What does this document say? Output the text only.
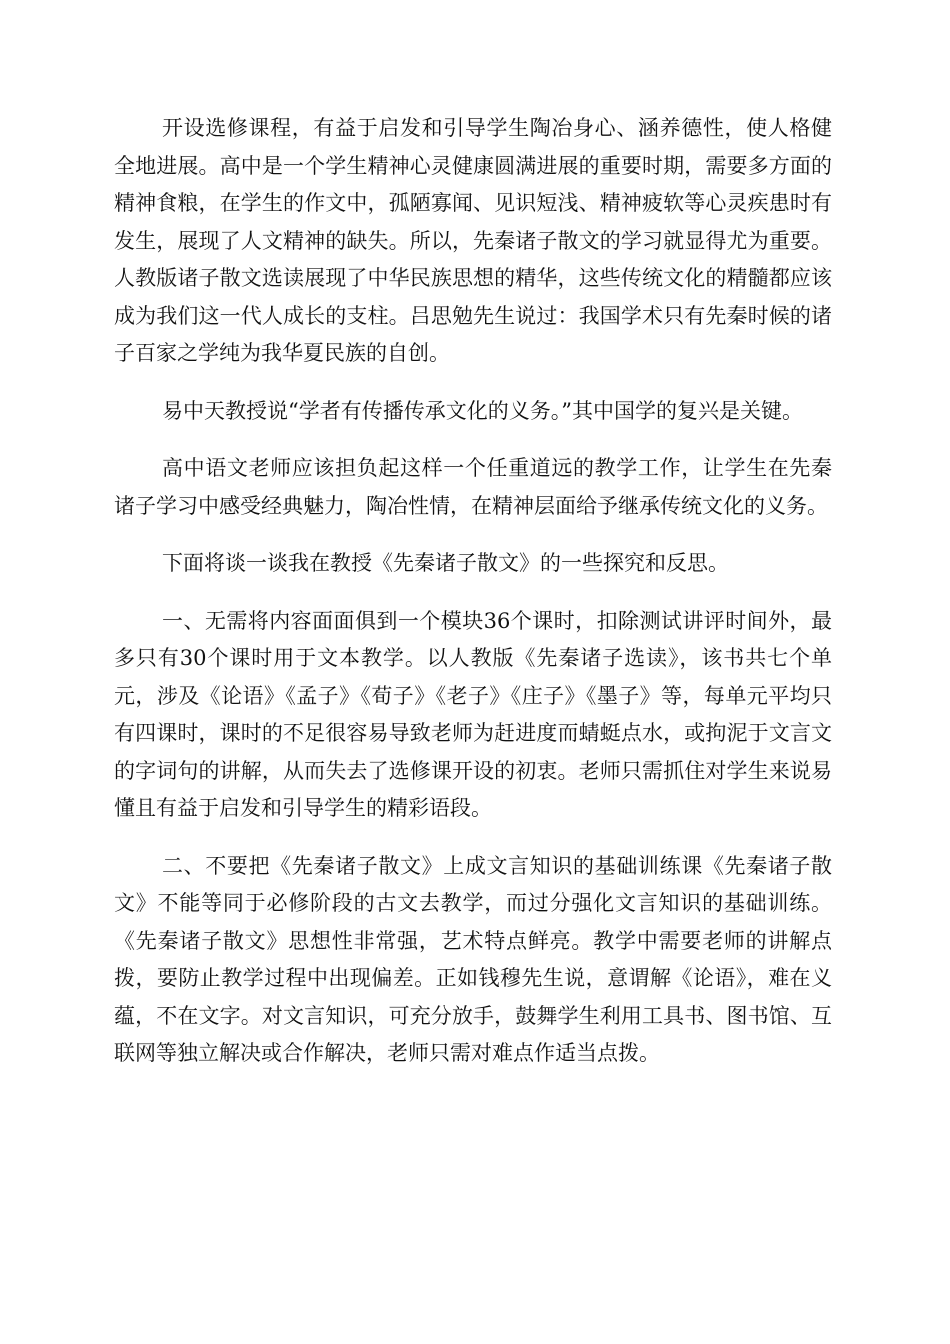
开设选修课程，有益于启发和引导学生陶冶身心、涵养德性，使人格健全地进展。高中是一个学生精神心灵健康圆满进展的重要时期，需要多方面的精神食粮，在学生的作文中，孤陋寡闻、见识短浅、精神疲软等心灵疾患时有发生，展现了人文精神的缺失。所以，先秦诸子散文的学习就显得尤为重要。人教版诸子散文选读展现了中华民族思想的精华，这些传统文化的精髓都应该成为我们这一代人成长的支柱。吕思勉先生说过：我国学术只有先秦时候的诸子百家之学纯为我华夏民族的自创。

易中天教授说“学者有传播传承文化的义务。”其中国学的复兴是关键。

高中语文老师应该担负起这样一个任重道远的教学工作，让学生在先秦诸子学习中感受经典魅力，陶冶性情，在精神层面给予继承传统文化的义务。

下面将谈一谈我在教授《先秦诸子散文》的一些探究和反思。

一、无需将内容面面俱到一个模块36个课时，扣除测试讲评时间外，最多只有30个课时用于文本教学。以人教版《先秦诸子选读》，该书共七个单元，涉及《论语》《孟子》《荀子》《老子》《庄子》《墨子》等，每单元平均只有四课时，课时的不足很容易导致老师为赶进度而蜻蜓点水，或拘泥于文言文的字词句的讲解，从而失去了选修课开设的初衷。老师只需抓住对学生来说易懂且有益于启发和引导学生的精彩语段。

二、不要把《先秦诸子散文》上成文言知识的基础训练课《先秦诸子散文》不能等同于必修阶段的古文去教学，而过分强化文言知识的基础训练。《先秦诸子散文》思想性非常强，艺术特点鲜亮。教学中需要老师的讲解点拨，要防止教学过程中出现偏差。正如钱穆先生说，意谓解《论语》，难在义蕴，不在文字。对文言知识，可充分放手，鼓舞学生利用工具书、图书馆、互联网等独立解决或合作解决，老师只需对难点作适当点拨。
